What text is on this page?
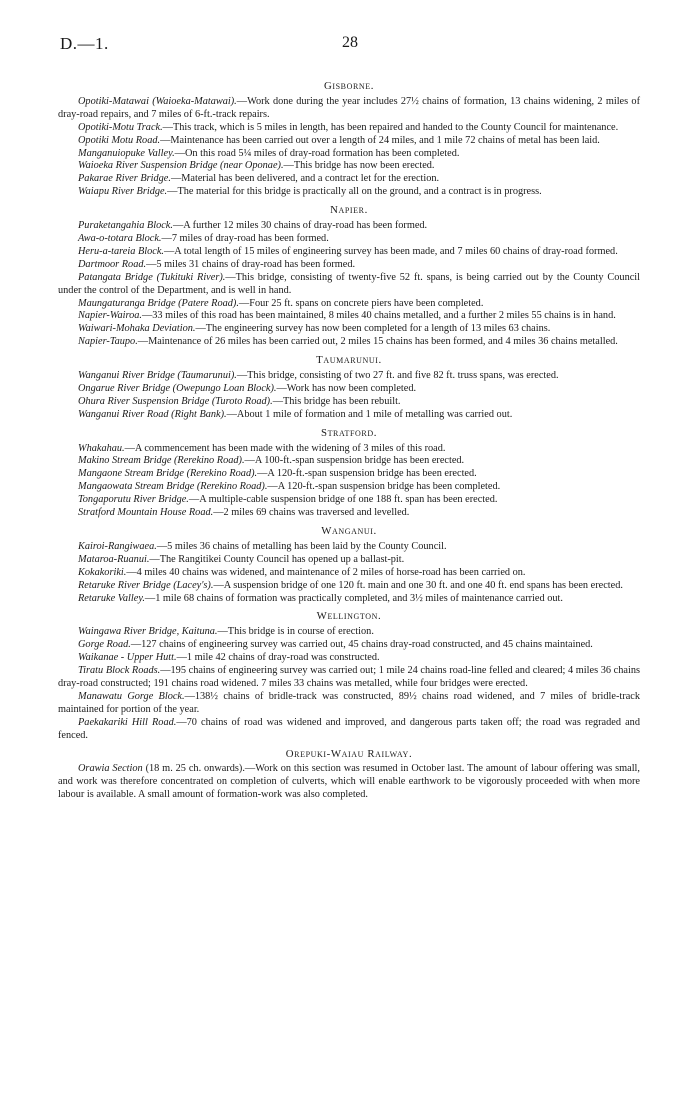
D.—1.	28
Gisborne.

Opotiki-Matawai (Waioeka-Matawai).—Work done during the year includes 27½ chains of formation, 13 chains widening, 2 miles of dray-road repairs, and 7 miles of 6-ft.-track repairs.

Opotiki-Motu Track.—This track, which is 5 miles in length, has been repaired and handed to the County Council for maintenance.

Opotiki Motu Road.—Maintenance has been carried out over a length of 24 miles, and 1 mile 72 chains of metal has been laid.

Manganuiopuke Valley.—On this road 5¼ miles of dray-road formation has been completed.

Waioeka River Suspension Bridge (near Oponae).—This bridge has now been erected.

Pakarae River Bridge.—Material has been delivered, and a contract let for the erection.

Waiapu River Bridge.—The material for this bridge is practically all on the ground, and a contract is in progress.

Napier.

Puraketangahia Block.—A further 12 miles 30 chains of dray-road has been formed.

Awa-o-totara Block.—7 miles of dray-road has been formed.

Heru-a-tareia Block.—A total length of 15 miles of engineering survey has been made, and 7 miles 60 chains of dray-road formed.

Dartmoor Road.—5 miles 31 chains of dray-road has been formed.

Patangata Bridge (Tukituki River).—This bridge, consisting of twenty-five 52 ft. spans, is being carried out by the County Council under the control of the Department, and is well in hand.

Maungaturanga Bridge (Patere Road).—Four 25 ft. spans on concrete piers have been completed.

Napier-Wairoa.—33 miles of this road has been maintained, 8 miles 40 chains metalled, and a further 2 miles 55 chains is in hand.

Waiwari-Mohaka Deviation.—The engineering survey has now been completed for a length of 13 miles 63 chains.

Napier-Taupo.—Maintenance of 26 miles has been carried out, 2 miles 15 chains has been formed, and 4 miles 36 chains metalled.

Taumarunui.

Wanganui River Bridge (Taumarunui).—This bridge, consisting of two 27 ft. and five 82 ft. truss spans, was erected.

Ongarue River Bridge (Owepungo Loan Block).—Work has now been completed.

Ohura River Suspension Bridge (Turoto Road).—This bridge has been rebuilt.

Wanganui River Road (Right Bank).—About 1 mile of formation and 1 mile of metalling was carried out.

Stratford.

Whakahau.—A commencement has been made with the widening of 3 miles of this road.

Makino Stream Bridge (Rerekino Road).—A 100-ft.-span suspension bridge has been erected.

Mangaone Stream Bridge (Rerekino Road).—A 120-ft.-span suspension bridge has been erected.

Mangaowata Stream Bridge (Rerekino Road).—A 120-ft.-span suspension bridge has been completed.

Tongaporutu River Bridge.—A multiple-cable suspension bridge of one 188 ft. span has been erected.

Stratford Mountain House Road.—2 miles 69 chains was traversed and levelled.

Wanganui.

Kairoi-Rangiwaea.—5 miles 36 chains of metalling has been laid by the County Council.

Mataroa-Ruanui.—The Rangitikei County Council has opened up a ballast-pit.

Kokakoriki.—4 miles 40 chains was widened, and maintenance of 2 miles of horse-road has been carried on.

Retaruke River Bridge (Lacey's).—A suspension bridge of one 120 ft. main and one 30 ft. and one 40 ft. end spans has been erected.

Retaruke Valley.—1 mile 68 chains of formation was practically completed, and 3½ miles of maintenance carried out.

Wellington.

Waingawa River Bridge, Kaituna.—This bridge is in course of erection.

Gorge Road.—127 chains of engineering survey was carried out, 45 chains dray-road constructed, and 45 chains maintained.

Waikanae - Upper Hutt.—1 mile 42 chains of dray-road was constructed.

Tiratu Block Roads.—195 chains of engineering survey was carried out; 1 mile 24 chains road-line felled and cleared; 4 miles 36 chains dray-road constructed; 191 chains road widened. 7 miles 33 chains was metalled, while four bridges were erected.

Manawatu Gorge Block.—138½ chains of bridle-track was constructed, 89½ chains road widened, and 7 miles of bridle-track maintained for portion of the year.

Paekakariki Hill Road.—70 chains of road was widened and improved, and dangerous parts taken off; the road was regraded and fenced.

Orepuki-Waiau Railway.

Orawia Section (18 m. 25 ch. onwards).—Work on this section was resumed in October last. The amount of labour offering was small, and work was therefore concentrated on completion of culverts, which will enable earthwork to be vigorously proceeded with when more labour is available. A small amount of formation-work was also completed.
